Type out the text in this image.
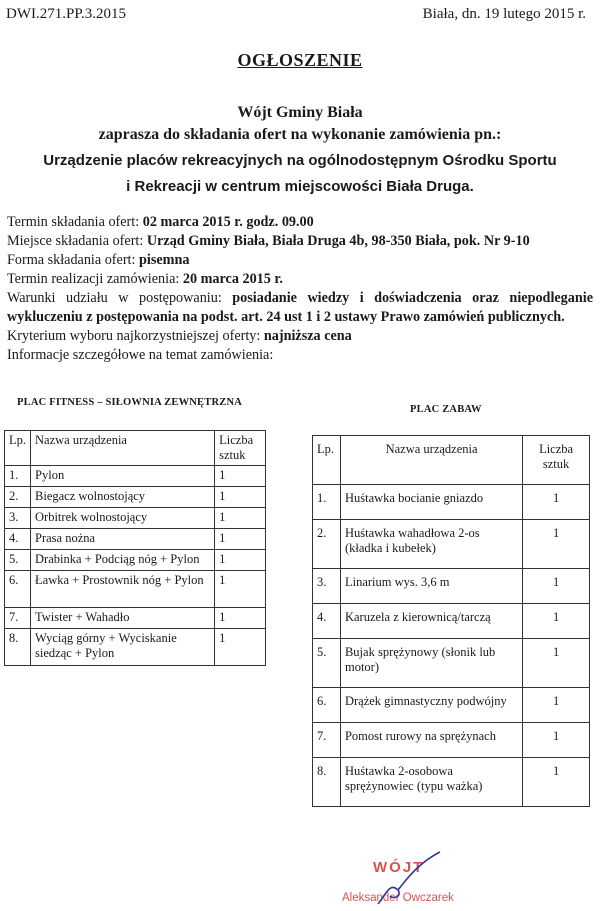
DWI.271.PP.3.2015	Biała, dn. 19 lutego 2015 r.
OGŁOSZENIE
Wójt Gminy Biała
zaprasza do składania ofert na wykonanie zamówienia pn.:
Urządzenie placów rekreacyjnych na ogólnodostępnym Ośrodku Sportu
i Rekreacji w centrum miejscowości Biała Druga.
Termin składania ofert: 02 marca 2015 r. godz. 09.00
Miejsce składania ofert: Urząd Gminy Biała, Biała Druga 4b, 98-350 Biała, pok. Nr 9-10
Forma składania ofert: pisemna
Termin realizacji zamówienia: 20 marca 2015 r.
Warunki udziału w postępowaniu: posiadanie wiedzy i doświadczenia oraz niepodleganie wykluczeniu z postępowania na podst. art. 24 ust 1 i 2 ustawy Prawo zamówień publicznych.
Kryterium wyboru najkorzystniejszej oferty: najniższa cena
Informacje szczegółowe na temat zamówienia:
PLAC FITNESS – SIŁOWNIA ZEWNĘTRZNA
PLAC ZABAW
Lp.	Nazwa urządzenia	Liczba sztuk
1.	Pylon	1
2.	Biegacz wolnostojący	1
3.	Orbitrek wolnostojący	1
4.	Prasa nożna	1
5.	Drabinka + Podciąg nóg + Pylon	1
6.	Ławka + Prostownik nóg + Pylon	1
7.	Twister + Wahadło	1
8.	Wyciąg górny + Wyciskanie siedząc + Pylon	1
Lp.	Nazwa urządzenia	Liczba sztuk
1.	Huśtawka bocianie gniazdo	1
2.	Huśtawka wahadłowa 2-os (kładka i kubełek)	1
3.	Linarium wys. 3,6 m	1
4.	Karuzela z kierownicą/tarczą	1
5.	Bujak sprężynowy (słonik lub motor)	1
6.	Drążek gimnastyczny podwójny	1
7.	Pomost rurowy na sprężynach	1
8.	Huśtawka 2-osobowa sprężynowiec (typu ważka)	1
WÓJT
Aleksander Owczarek
